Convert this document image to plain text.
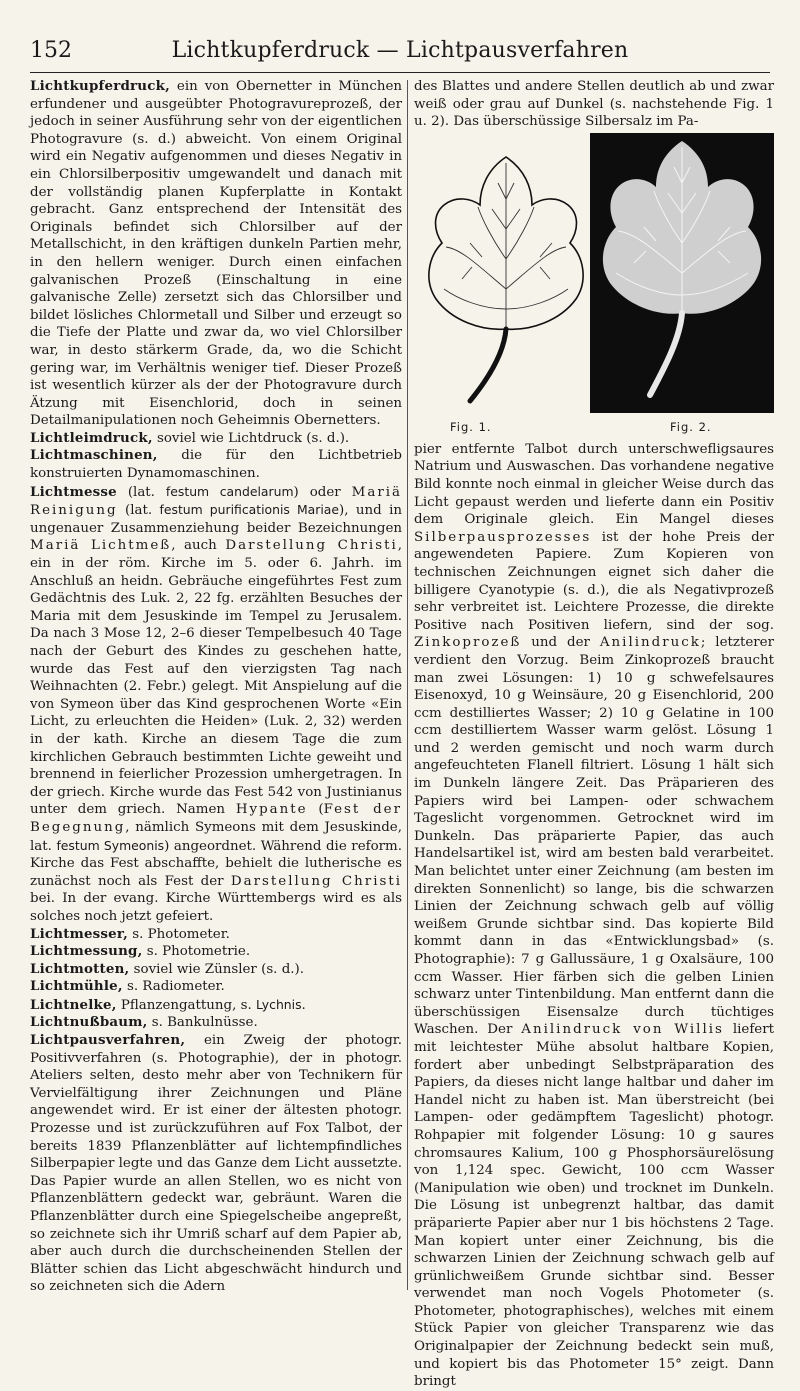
152	Lichtkupferdruck — Lichtpausverfahren

Lichtkupferdruck, ein von Obernetter in München erfundener und ausgeübter Photogravureprozeß, der jedoch in seiner Ausführung sehr von der eigentlichen Photogravure (s. d.) abweicht. Von einem Original wird ein Negativ aufgenommen und dieses Negativ in ein Chlorsilberpositiv umgewandelt und danach mit der vollständig planen Kupferplatte in Kontakt gebracht. Ganz entsprechend der Intensität des Originals befindet sich Chlorsilber auf der Metallschicht, in den kräftigen dunkeln Partien mehr, in den hellern weniger. Durch einen einfachen galvanischen Prozeß (Einschaltung in eine galvanische Zelle) zersetzt sich das Chlorsilber und bildet lösliches Chlormetall und Silber und erzeugt so die Tiefe der Platte und zwar da, wo viel Chlorsilber war, in desto stärkerm Grade, da, wo die Schicht gering war, im Verhältnis weniger tief. Dieser Prozeß ist wesentlich kürzer als der der Photogravure durch Ätzung mit Eisenchlorid, doch in seinen Detailmanipulationen noch Geheimnis Obernetters.

Lichtleimdruck, soviel wie Lichtdruck (s. d.).

Lichtmaschinen, die für den Lichtbetrieb konstruierten Dynamomaschinen.

Lichtmesse (lat. festum candelarum) oder Mariä Reinigung (lat. festum purificationis Mariae), und in ungenauer Zusammenziehung beider Bezeichnungen Mariä Lichtmeß, auch Darstellung Christi, ein in der röm. Kirche im 5. oder 6. Jahrh. im Anschluß an heidn. Gebräuche eingeführtes Fest zum Gedächtnis des Luk. 2, 22 fg. erzählten Besuches der Maria mit dem Jesuskinde im Tempel zu Jerusalem. Da nach 3 Mose 12, 2–6 dieser Tempelbesuch 40 Tage nach der Geburt des Kindes zu geschehen hatte, wurde das Fest auf den vierzigsten Tag nach Weihnachten (2. Febr.) gelegt. Mit Anspielung auf die von Symeon über das Kind gesprochenen Worte «Ein Licht, zu erleuchten die Heiden» (Luk. 2, 32) werden in der kath. Kirche an diesem Tage die zum kirchlichen Gebrauch bestimmten Lichte geweiht und brennend in feierlicher Prozession umhergetragen. In der griech. Kirche wurde das Fest 542 von Justinianus unter dem griech. Namen Hypante (Fest der Begegnung, nämlich Symeons mit dem Jesuskinde, lat. festum Symeonis) angeordnet. Während die reform. Kirche das Fest abschaffte, behielt die lutherische es zunächst noch als Fest der Darstellung Christi bei. In der evang. Kirche Württembergs wird es als solches noch jetzt gefeiert.

Lichtmesser, s. Photometer.

Lichtmessung, s. Photometrie.

Lichtmotten, soviel wie Zünsler (s. d.).

Lichtmühle, s. Radiometer.

Lichtnelke, Pflanzengattung, s. Lychnis.

Lichtnußbaum, s. Bankulnüsse.

Lichtpausverfahren, ein Zweig der photogr. Positivverfahren (s. Photographie), der in photogr. Ateliers selten, desto mehr aber von Technikern für Vervielfältigung ihrer Zeichnungen und Pläne angewendet wird. Er ist einer der ältesten photogr. Prozesse und ist zurückzuführen auf Fox Talbot, der bereits 1839 Pflanzenblätter auf lichtempfindliches Silberpapier legte und das Ganze dem Licht aussetzte. Das Papier wurde an allen Stellen, wo es nicht von Pflanzenblättern gedeckt war, gebräunt. Waren die Pflanzenblätter durch eine Spiegelscheibe angepreßt, so zeichnete sich ihr Umriß scharf auf dem Papier ab, aber auch durch die durchscheinenden Stellen der Blätter schien das Licht abgeschwächt hindurch und so zeichneten sich die Adern

des Blattes und andere Stellen deutlich ab und zwar weiß oder grau auf Dunkel (s. nachstehende Fig. 1 u. 2). Das überschüssige Silbersalz im Pa-

Fig. 1.	Fig. 2.

pier entfernte Talbot durch unterschwefligsaures Natrium und Auswaschen. Das vorhandene negative Bild konnte noch einmal in gleicher Weise durch das Licht gepaust werden und lieferte dann ein Positiv dem Originale gleich. Ein Mangel dieses Silberpausprozesses ist der hohe Preis der angewendeten Papiere. Zum Kopieren von technischen Zeichnungen eignet sich daher die billigere Cyanotypie (s. d.), die als Negativprozeß sehr verbreitet ist. Leichtere Prozesse, die direkte Positive nach Positiven liefern, sind der sog. Zinkoprozeß und der Anilindruck; letzterer verdient den Vorzug. Beim Zinkoprozeß braucht man zwei Lösungen: 1) 10 g schwefelsaures Eisenoxyd, 10 g Weinsäure, 20 g Eisenchlorid, 200 ccm destilliertes Wasser; 2) 10 g Gelatine in 100 ccm destilliertem Wasser warm gelöst. Lösung 1 und 2 werden gemischt und noch warm durch angefeuchteten Flanell filtriert. Lösung 1 hält sich im Dunkeln längere Zeit. Das Präparieren des Papiers wird bei Lampen- oder schwachem Tageslicht vorgenommen. Getrocknet wird im Dunkeln. Das präparierte Papier, das auch Handelsartikel ist, wird am besten bald verarbeitet. Man belichtet unter einer Zeichnung (am besten im direkten Sonnenlicht) so lange, bis die schwarzen Linien der Zeichnung schwach gelb auf völlig weißem Grunde sichtbar sind. Das kopierte Bild kommt dann in das «Entwicklungsbad» (s. Photographie): 7 g Gallussäure, 1 g Oxalsäure, 100 ccm Wasser. Hier färben sich die gelben Linien schwarz unter Tintenbildung. Man entfernt dann die überschüssigen Eisensalze durch tüchtiges Waschen. Der Anilindruck von Willis liefert mit leichtester Mühe absolut haltbare Kopien, fordert aber unbedingt Selbstpräparation des Papiers, da dieses nicht lange haltbar und daher im Handel nicht zu haben ist. Man überstreicht (bei Lampen- oder gedämpftem Tageslicht) photogr. Rohpapier mit folgender Lösung: 10 g saures chromsaures Kalium, 100 g Phosphorsäurelösung von 1,124 spec. Gewicht, 100 ccm Wasser (Manipulation wie oben) und trocknet im Dunkeln. Die Lösung ist unbegrenzt haltbar, das damit präparierte Papier aber nur 1 bis höchstens 2 Tage. Man kopiert unter einer Zeichnung, bis die schwarzen Linien der Zeichnung schwach gelb auf grünlichweißem Grunde sichtbar sind. Besser verwendet man noch Vogels Photometer (s. Photometer, photographisches), welches mit einem Stück Papier von gleicher Transparenz wie das Originalpapier der Zeichnung bedeckt sein muß, und kopiert bis das Photometer 15° zeigt. Dann bringt
